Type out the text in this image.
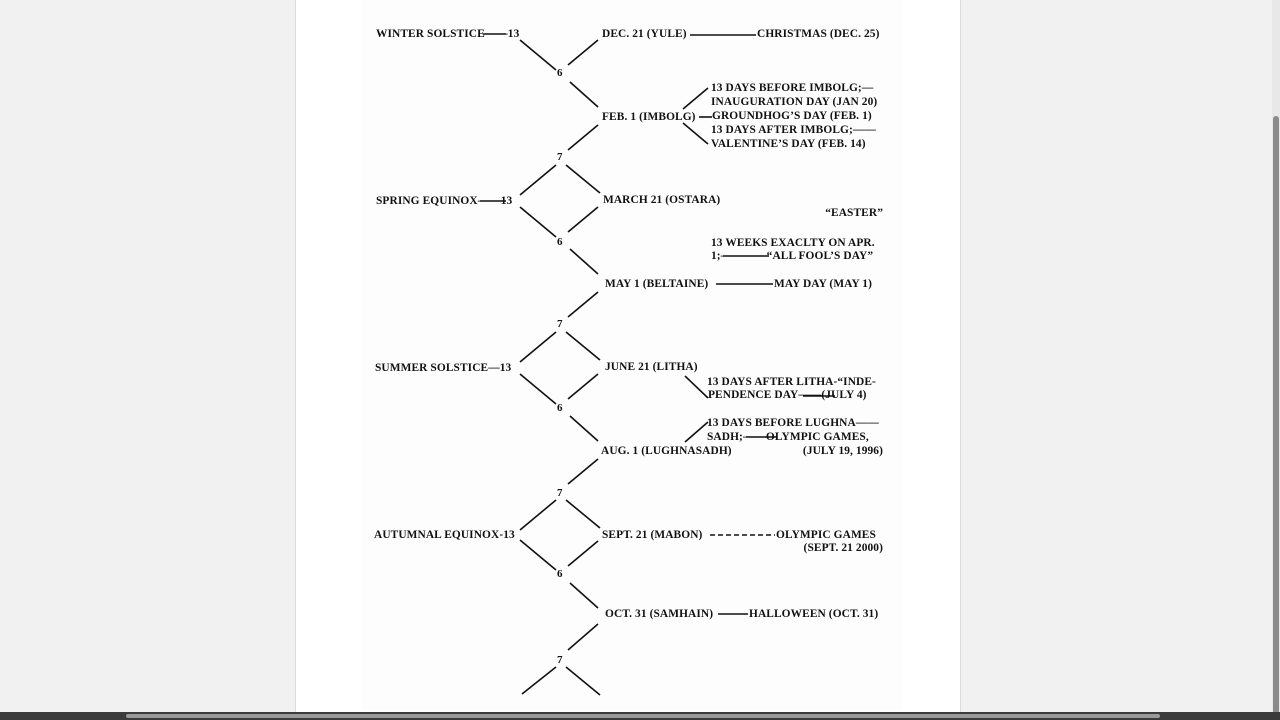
WINTER SOLSTICE——13
SPRING EQUINOX——13
SUMMER SOLSTICE—13
AUTUMNAL EQUINOX-13
6
7
6
7
6
7
6
7
DEC. 21 (YULE)
FEB. 1 (IMBOLG)
MARCH 21 (OSTARA)
MAY 1 (BELTAINE)
JUNE 21 (LITHA)
AUG. 1 (LUGHNASADH)
SEPT. 21 (MABON)
OCT. 31 (SAMHAIN)
CHRISTMAS (DEC. 25)
13 DAYS BEFORE IMBOLG;—
INAUGURATION DAY (JAN 20)
GROUNDHOG’S DAY (FEB. 1)
13 DAYS AFTER IMBOLG;——
VALENTINE’S DAY (FEB. 14)
“EASTER”
13 WEEKS EXACLTY ON APR.
1;————“ALL FOOL’S DAY”
MAY DAY (MAY 1)
13 DAYS AFTER LITHA-“INDE-
PENDENCE DAY——(JULY 4)
13 DAYS BEFORE LUGHNA——
SADH;——OLYMPIC GAMES,
(JULY 19, 1996)
OLYMPIC GAMES
(SEPT. 21 2000)
HALLOWEEN (OCT. 31)
